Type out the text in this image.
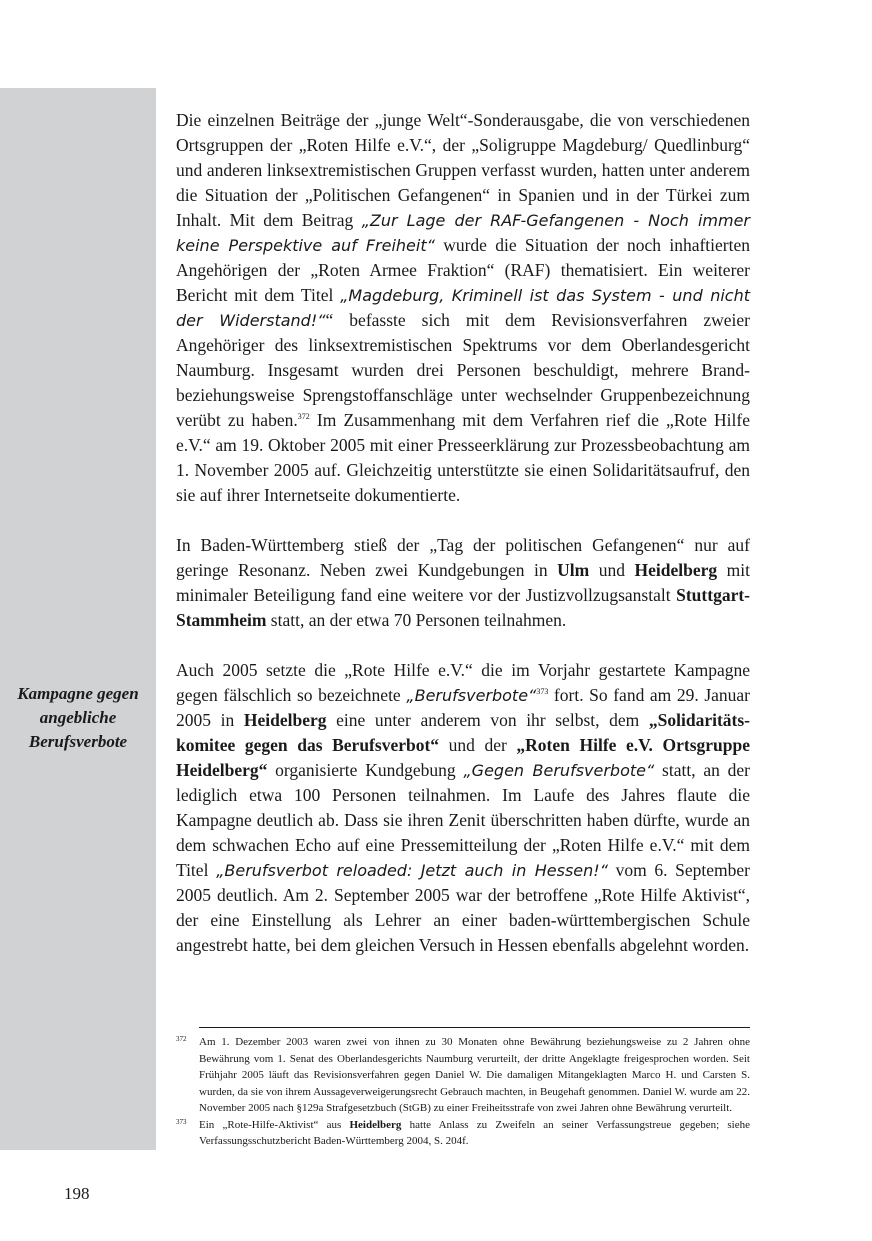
Kampagne gegen
angebliche
Berufsverbote

Die einzelnen Beiträge der „junge Welt“-Sonderausgabe, die von verschiedenen Ortsgruppen der „Roten Hilfe e.V.“, der „Soligruppe Magdeburg/ Quedlinburg“ und anderen linksextremistischen Gruppen verfasst wurden, hatten unter anderem die Situation der „Politischen Gefangenen“ in Spanien und in der Türkei zum Inhalt. Mit dem Beitrag „Zur Lage der RAF-Gefangenen - Noch immer keine Perspektive auf Freiheit“ wurde die Situation der noch inhaftierten Angehörigen der „Roten Armee Fraktion“ (RAF) thematisiert. Ein weiterer Bericht mit dem Titel „Magdeburg, Kriminell ist das System - und nicht der Widerstand!““ befasste sich mit dem Revisionsverfahren zweier Angehöriger des linksextremistischen Spektrums vor dem Oberlandesgericht Naumburg. Insgesamt wurden drei Personen beschuldigt, mehrere Brand- beziehungsweise Sprengstoffanschläge unter wechselnder Gruppenbezeichnung verübt zu haben.$^{372}$ Im Zusammenhang mit dem Verfahren rief die „Rote Hilfe e.V.“ am 19. Oktober 2005 mit einer Presseerklärung zur Prozessbeobachtung am 1. November 2005 auf. Gleichzeitig unterstützte sie einen Solidaritätsaufruf, den sie auf ihrer Internetseite dokumentierte.

In Baden-Württemberg stieß der „Tag der politischen Gefangenen“ nur auf geringe Resonanz. Neben zwei Kundgebungen in Ulm und Heidelberg mit minimaler Beteiligung fand eine weitere vor der Justizvollzugsanstalt Stuttgart-Stammheim statt, an der etwa 70 Personen teilnahmen.

Auch 2005 setzte die „Rote Hilfe e.V.“ die im Vorjahr gestartete Kampagne gegen fälschlich so bezeichnete „Berufsverbote“$^{373}$ fort. So fand am 29. Januar 2005 in Heidelberg eine unter anderem von ihr selbst, dem „Solidaritätskomitee gegen das Berufsverbot“ und der „Roten Hilfe e.V. Ortsgruppe Heidelberg“ organisierte Kundgebung „Gegen Berufsverbote“ statt, an der lediglich etwa 100 Personen teilnahmen. Im Laufe des Jahres flaute die Kampagne deutlich ab. Dass sie ihren Zenit überschritten haben dürfte, wurde an dem schwachen Echo auf eine Pressemitteilung der „Roten Hilfe e.V.“ mit dem Titel „Berufsverbot reloaded: Jetzt auch in Hessen!“ vom 6. September 2005 deutlich. Am 2. September 2005 war der betroffene „Rote Hilfe Aktivist“, der eine Einstellung als Lehrer an einer baden-württembergischen Schule angestrebt hatte, bei dem gleichen Versuch in Hessen ebenfalls abgelehnt worden.

372 Am 1. Dezember 2003 waren zwei von ihnen zu 30 Monaten ohne Bewährung beziehungsweise zu 2 Jahren ohne Bewährung vom 1. Senat des Oberlandesgerichts Naumburg verurteilt, der dritte Angeklagte freigesprochen worden. Seit Frühjahr 2005 läuft das Revisionsverfahren gegen Daniel W. Die damaligen Mitangeklagten Marco H. und Carsten S. wurden, da sie von ihrem Aussageverweigerungsrecht Gebrauch machten, in Beugehaft genommen. Daniel W. wurde am 22. November 2005 nach §129a Strafgesetzbuch (StGB) zu einer Freiheitsstrafe von zwei Jahren ohne Bewährung verurteilt.
373 Ein „Rote-Hilfe-Aktivist“ aus Heidelberg hatte Anlass zu Zweifeln an seiner Verfassungstreue gegeben; siehe Verfassungsschutzbericht Baden-Württemberg 2004, S. 204f.
198
